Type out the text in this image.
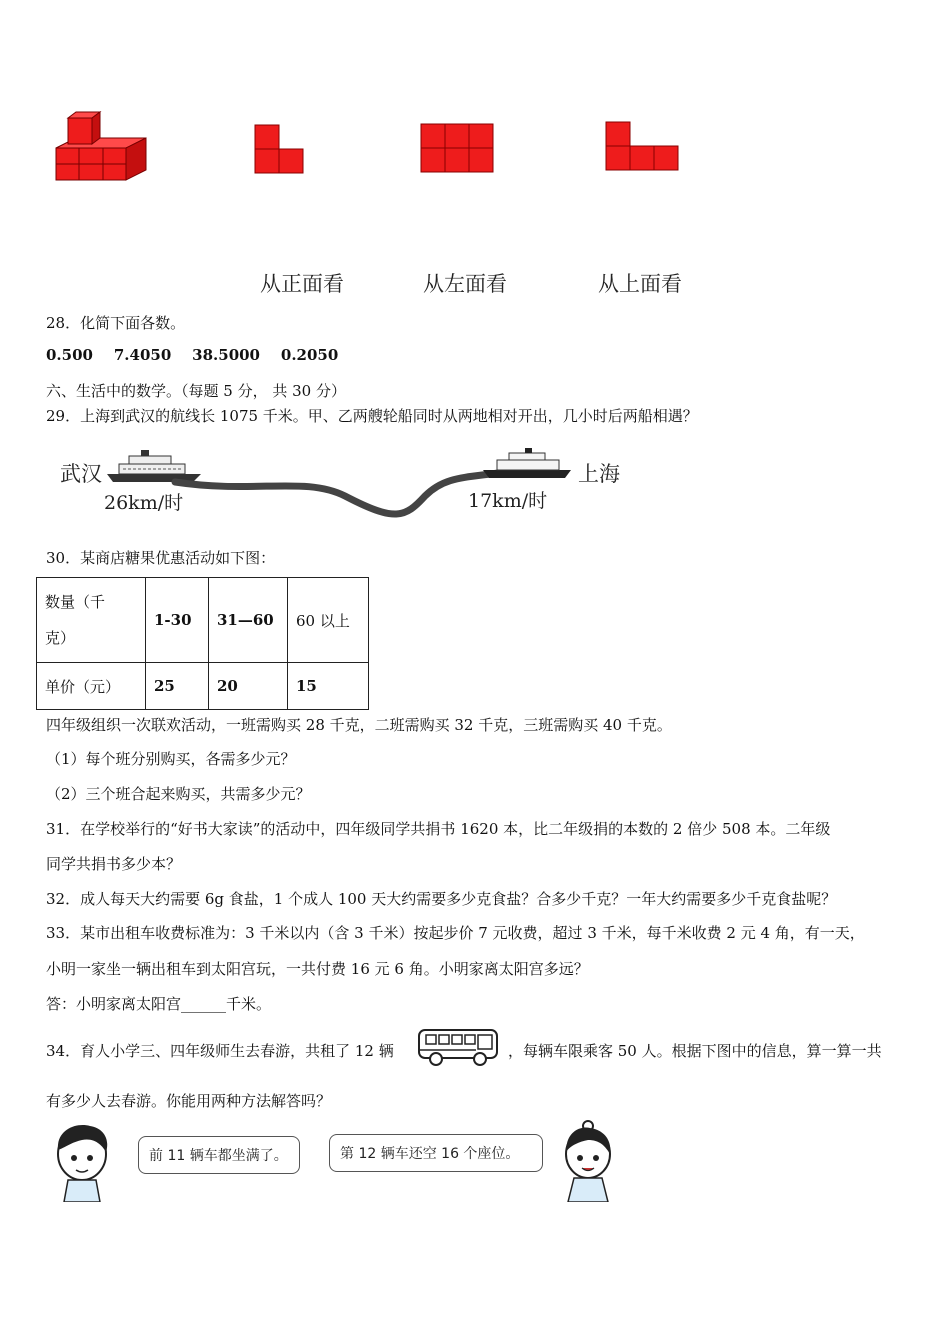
从正面看	从左面看	从上面看
28．化简下面各数。
0.500    7.4050    38.5000    0.2050
六、生活中的数学。（每题 5 分， 共 30 分）
29．上海到武汉的航线长 1075 千米。甲、乙两艘轮船同时从两地相对开出，几小时后两船相遇？
武汉	上海
26km/时	17km/时
30．某商店糖果优惠活动如下图：
数量（千
克）	1-30	31—60	60 以上
单价（元）	25	20	15
四年级组织一次联欢活动，一班需购买 28 千克，二班需购买 32 千克，三班需购买 40 千克。
（1）每个班分别购买，各需多少元？
（2）三个班合起来购买，共需多少元？
31．在学校举行的“好书大家读”的活动中，四年级同学共捐书 1620 本，比二年级捐的本数的 2 倍少 508 本。二年级
同学共捐书多少本？
32．成人每天大约需要 6g 食盐，1 个成人 100 天大约需要多少克食盐？合多少千克？一年大约需要多少千克食盐呢？
33．某市出租车收费标准为：3 千米以内（含 3 千米）按起步价 7 元收费，超过 3 千米，每千米收费 2 元 4 角，有一天，
小明一家坐一辆出租车到太阳宫玩，一共付费 16 元 6 角。小明家离太阳宫多远？
答：小明家离太阳宫______千米。
34．育人小学三、四年级师生去春游，共租了 12 辆	，每辆车限乘客 50 人。根据下图中的信息，算一算一共
有多少人去春游。你能用两种方法解答吗？
前 11 辆车都坐满了。	第 12 辆车还空 16 个座位。
